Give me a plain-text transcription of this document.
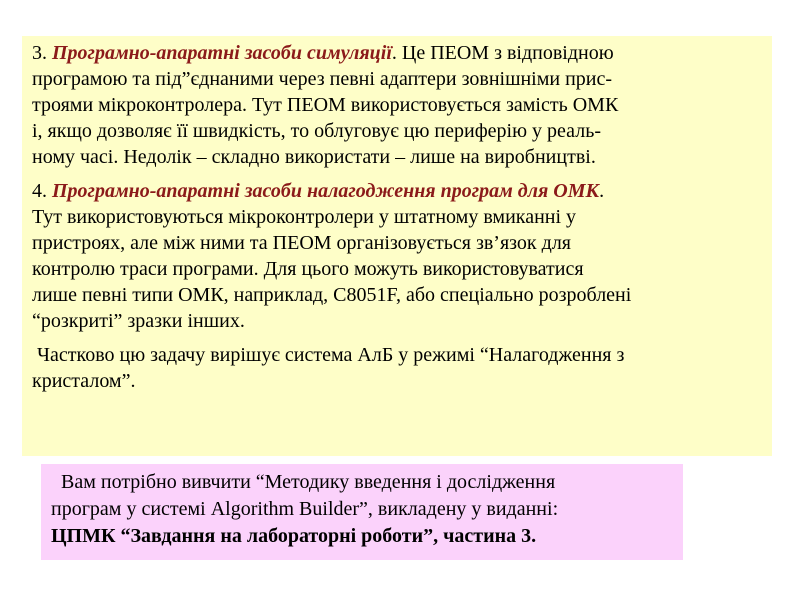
3. Програмно-апаратні засоби симуляції. Це ПЕОМ з відповідною
програмою та під”єднаними через певні адаптери зовнішніми прис-
троями мікроконтролера. Тут ПЕОМ використовується замість ОМК
і, якщо дозволяє її швидкість, то облуговує цю периферію у реаль-
ному часі. Недолік – складно використати – лише на виробництві.

4. Програмно-апаратні засоби налагодження програм для ОМК.
Тут використовуються мікроконтролери у штатному вмиканні у
пристроях, але між ними та ПЕОМ організовується зв’язок для
контролю траси програми. Для цього можуть використовуватися
лише певні типи ОМК, наприклад, C8051F, або спеціально розроблені
“розкриті” зразки інших.

Частково цю задачу вирішує система АлБ у режимі “Налагодження з
кристалом”.

Вам потрібно вивчити “Методику введення і дослідження
програм у системі Algorithm Builder”, викладену у виданні:
ЦПМК “Завдання на лабораторні роботи”, частина 3.
